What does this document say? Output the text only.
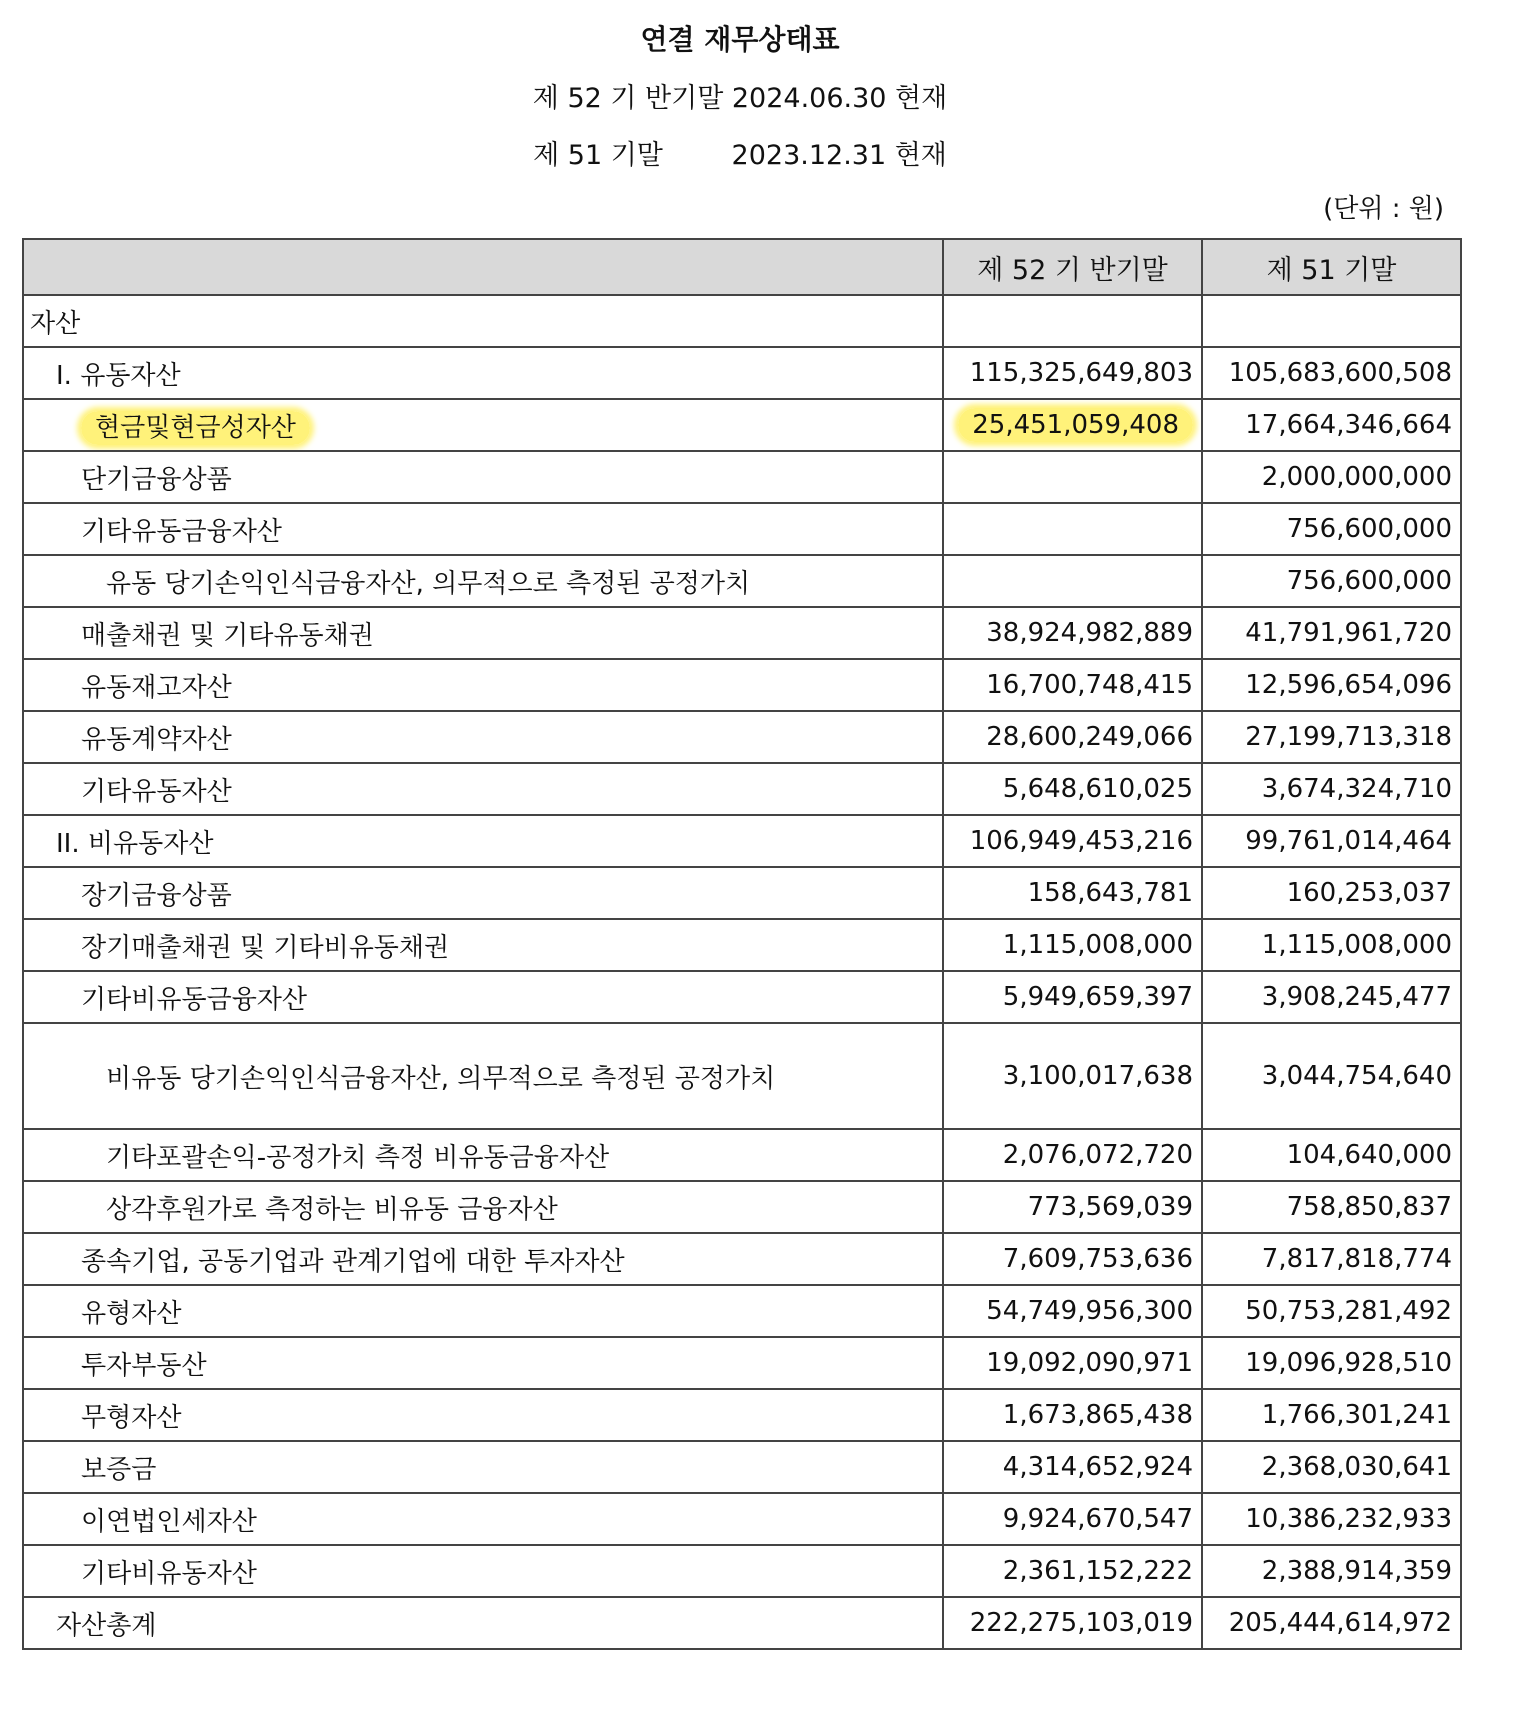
연결 재무상태표
제 52 기 반기말 2024.06.30 현재
제 51 기말        2023.12.31 현재
(단위 : 원)
	제 52 기 반기말	제 51 기말
자산		
I. 유동자산	115,325,649,803	105,683,600,508
현금및현금성자산	25,451,059,408	17,664,346,664
단기금융상품		2,000,000,000
기타유동금융자산		756,600,000
유동 당기손익인식금융자산, 의무적으로 측정된 공정가치		756,600,000
매출채권 및 기타유동채권	38,924,982,889	41,791,961,720
유동재고자산	16,700,748,415	12,596,654,096
유동계약자산	28,600,249,066	27,199,713,318
기타유동자산	5,648,610,025	3,674,324,710
II. 비유동자산	106,949,453,216	99,761,014,464
장기금융상품	158,643,781	160,253,037
장기매출채권 및 기타비유동채권	1,115,008,000	1,115,008,000
기타비유동금융자산	5,949,659,397	3,908,245,477
비유동 당기손익인식금융자산, 의무적으로 측정된 공정가치	3,100,017,638	3,044,754,640
기타포괄손익-공정가치 측정 비유동금융자산	2,076,072,720	104,640,000
상각후원가로 측정하는 비유동 금융자산	773,569,039	758,850,837
종속기업, 공동기업과 관계기업에 대한 투자자산	7,609,753,636	7,817,818,774
유형자산	54,749,956,300	50,753,281,492
투자부동산	19,092,090,971	19,096,928,510
무형자산	1,673,865,438	1,766,301,241
보증금	4,314,652,924	2,368,030,641
이연법인세자산	9,924,670,547	10,386,232,933
기타비유동자산	2,361,152,222	2,388,914,359
자산총계	222,275,103,019	205,444,614,972
